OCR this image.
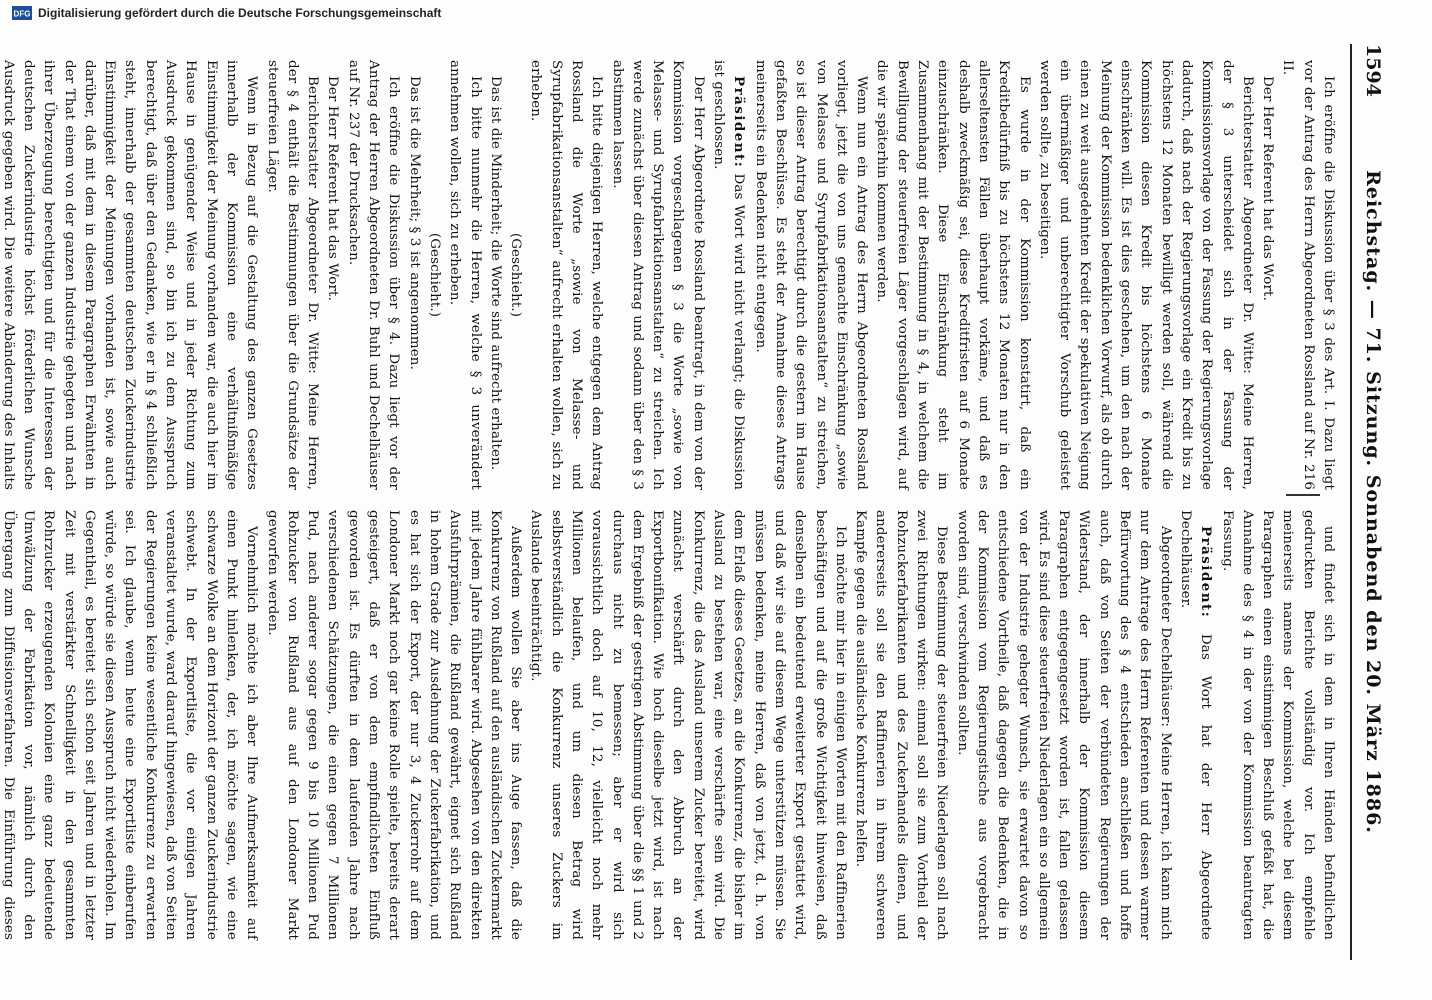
1594
Reichstag. — 71. Sitzung. Sonnabend den 20. März 1886.

Ich eröffne die Diskussion über § 3 des Art. I. Dazu liegt vor der Antrag des Herrn Abgeordneten Rossland auf Nr. 216 II.

Der Herr Referent hat das Wort.

Berichterstatter Abgeordneter Dr. Witte: Meine Herren, der § 3 unterscheidet sich in der Fassung der Kommissionsvorlage von der Fassung der Regierungsvorlage dadurch, daß nach der Regierungsvorlage ein Kredit bis zu höchstens 12 Monaten bewilligt werden soll, während die Kommission diesen Kredit bis höchstens 6 Monate einschränken will. Es ist dies geschehen, um den nach der Meinung der Kommission bedenklichen Vorwurf, als ob durch einen zu weit ausgedehnten Kredit der spekulativen Neigung ein übermäßiger und unberechtigter Vorschub geleistet werden sollte, zu beseitigen.

Es wurde in der Kommission konstatirt, daß ein Kreditbedürfniß bis zu höchstens 12 Monaten nur in den allerseltensten Fällen überhaupt vorkäme, und daß es deshalb zweckmäßig sei, diese Kreditfristen auf 6 Monate einzuschränken. Diese Einschränkung steht im Zusammenhang mit der Bestimmung in § 4, in welchem die Bewilligung der steuerfreien Läger vorgeschlagen wird, auf die wir späterhin kommen werden.

Wenn nun ein Antrag des Herrn Abgeordneten Rossland vorliegt, jetzt die von uns gemachte Einschränkung „sowie von Melasse und Syrupfabrikationsanstalten“ zu streichen, so ist dieser Antrag berechtigt durch die gestern im Hause gefaßten Beschlüsse. Es steht der Annahme dieses Antrags meinerseits ein Bedenken nicht entgegen.

Präsident: Das Wort wird nicht verlangt; die Diskussion ist geschlossen.

Der Herr Abgeordnete Rossland beantragt, in dem von der Kommission vorgeschlagenen § 3 die Worte „sowie von Melasse- und Syrupfabrikationsanstalten“ zu streichen. Ich werde zunächst über diesen Antrag und sodann über den § 3 abstimmen lassen.

Ich bitte diejenigen Herren, welche entgegen dem Antrag Rossland die Worte „sowie von Melasse- und Syrupfabrikationsanstalten“ aufrecht erhalten wollen, sich zu erheben.

(Geschieht.)

Das ist die Minderheit; die Worte sind aufrecht erhalten.

Ich bitte nunmehr die Herren, welche § 3 unverändert annehmen wollen, sich zu erheben.

(Geschieht.)

Das ist die Mehrheit; § 3 ist angenommen.

Ich eröffne die Diskussion über § 4. Dazu liegt vor der Antrag der Herren Abgeordneten Dr. Buhl und Dechelhäuser auf Nr. 237 der Drucksachen.

Der Herr Referent hat das Wort.

Berichterstatter Abgeordneter Dr. Witte: Meine Herren, der § 4 enthält die Bestimmungen über die Grundsätze der steuerfreien Läger.

Wenn in Bezug auf die Gestaltung des ganzen Gesetzes innerhalb der Kommission eine verhältnißmäßige Einstimmigkeit der Meinung vorhanden war, die auch hier im Hause in genügender Weise und in jeder Richtung zum Ausdruck gekommen sind, so bin ich zu dem Ausspruch berechtigt, daß über den Gedanken, wie er in § 4 schließlich steht, innerhalb der gesammten deutschen Zuckerindustrie Einstimmigkeit der Meinungen vorhanden ist, sowie auch darüber, daß mit dem in diesem Paragraphen Erwähnten in der That einem von der ganzen Industrie gehegten und nach ihrer Überzeugung berechtigten und für die Interessen der deutschen Zuckerindustrie höchst förderlichen Wunsche Ausdruck gegeben wird. Die weitere Abänderung des Inhalts

und findet sich in dem in Ihren Händen befindlichen gedruckten Berichte vollständig vor. Ich empfehle meinerseits namens der Kommission, welche bei diesem Paragraphen einen einstimmigen Beschluß gefaßt hat, die Annahme des § 4 in der von der Kommission beantragten Fassung.

Präsident: Das Wort hat der Herr Abgeordnete Dechelhäuser.

Abgeordneter Dechelhäuser: Meine Herren, ich kann mich nur dem Antrage des Herrn Referenten und dessen warmer Befürwortung des § 4 entschieden anschließen und hoffe auch, daß von Seiten der verbündeten Regierungen der Widerstand, der innerhalb der Kommission diesem Paragraphen entgegengesetzt worden ist, fallen gelassen wird. Es sind diese steuerfreien Niederlagen ein so allgemein von der Industrie gehegter Wunsch, sie erwartet davon so entschiedene Vortheile, daß dagegen die Bedenken, die in der Kommission vom Regierungstische aus vorgebracht worden sind, verschwinden sollten.

Diese Bestimmung der steuerfreien Niederlagen soll nach zwei Richtungen wirken: einmal soll sie zum Vortheil der Rohzuckerfabrikanten und des Zuckerhandels dienen, und andererseits soll sie den Raffinerien in ihrem schweren Kampfe gegen die ausländische Konkurrenz helfen.

Ich möchte mir hier in einigen Worten mit den Raffinerien beschäftigen und auf die große Wichtigkeit hinweisen, daß denselben ein bedeutend erweiterter Export gestattet wird, und daß wir sie auf diesem Wege unterstützen müssen. Sie müssen bedenken, meine Herren, daß von jetzt, d. h. von dem Erlaß dieses Gesetzes, an die Konkurrenz, die bisher im Ausland zu bestehen war, eine verschärfte sein wird. Die Konkurrenz, die das Ausland unserem Zucker bereitet, wird zunächst verschärft durch den Abbruch an der Exportbonifikation. Wie hoch dieselbe jetzt wird, ist nach dem Ergebniß der gestrigen Abstimmung über die §§ 1 und 2 durchaus nicht zu bemessen; aber er wird sich voraussichtlich doch auf 10, 12, vielleicht noch mehr Millionen belaufen, und um diesen Betrag wird selbstverständlich die Konkurrenz unseres Zuckers im Auslande beeinträchtigt.

Außerdem wollen Sie aber ins Auge fassen, daß die Konkurrenz von Rußland auf den ausländischen Zuckermarkt mit jedem Jahre fühlbarer wird. Abgesehen von den direkten Ausfuhrprämien, die Rußland gewährt, eignet sich Rußland in hohem Grade zur Ausdehnung der Zuckerfabrikation, und es hat sich der Export, der nur 3, 4 Zuckerrohr auf dem Londoner Markt noch gar keine Rolle spielte, bereits derart gesteigert, daß er von dem empfindlichsten Einfluß geworden ist. Es dürften in dem laufenden Jahre nach verschiedenen Schätzungen, die einen gegen 7 Millionen Pud, nach anderer sogar gegen 9 bis 10 Millionen Pud Rohzucker von Rußland aus auf den Londoner Markt geworfen werden.

Vornehmlich möchte ich aber Ihre Aufmerksamkeit auf einen Punkt hinlenken, der, ich möchte sagen, wie eine schwarze Wolke an dem Horizont der ganzen Zuckerindustrie schwebt. In der Exportliste, die vor einigen Jahren veranstaltet wurde, ward darauf hingewiesen, daß von Seiten der Regierungen keine wesentliche Konkurrenz zu erwarten sei. Ich glaube, wenn heute eine Exportliste einberufen würde, so würde sie diesen Ausspruch nicht wiederholen. Im Gegentheil, es bereitet sich schon seit Jahren und in letzter Zeit mit verstärkter Schnelligkeit in den gesammten Rohrzucker erzeugenden Kolonien eine ganz bedeutende Umwälzung der Fabrikation vor, nämlich durch den Übergang zum Diffusionsverfahren. Die Einführung dieses

DFG Digitalisierung gefördert durch die Deutsche Forschungsgemeinschaft
